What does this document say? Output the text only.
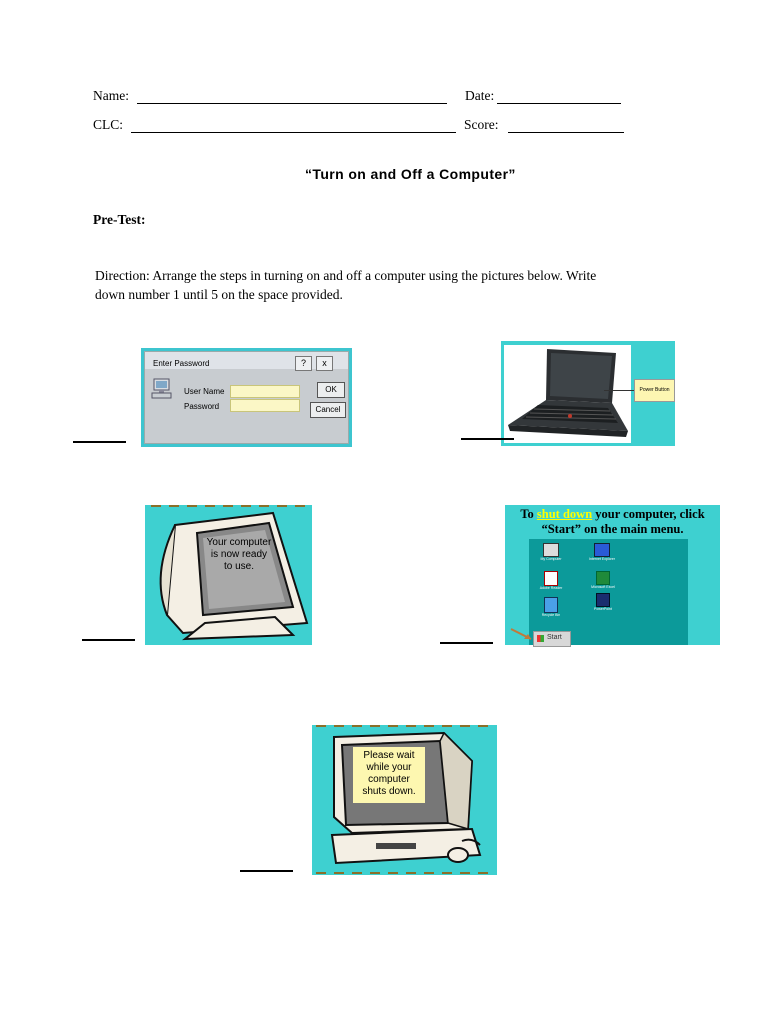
Name:	Date:
CLC:	Score:
“Turn on and Off a Computer”
Pre-Test:
Direction: Arrange the steps in turning on and off a computer using the pictures below. Write
down number 1 until 5 on the space provided.
Enter Password	?	x
User Name
Password
OK
Cancel
Power Button
Your computer is now ready to use.
To shut down your computer, click
“Start” on the main menu.
My Computer	Internet Explorer
Adobe Reader	Microsoft Excel
PowerPoint
Recycle Bin
Start
Please wait while your computer shuts down.
